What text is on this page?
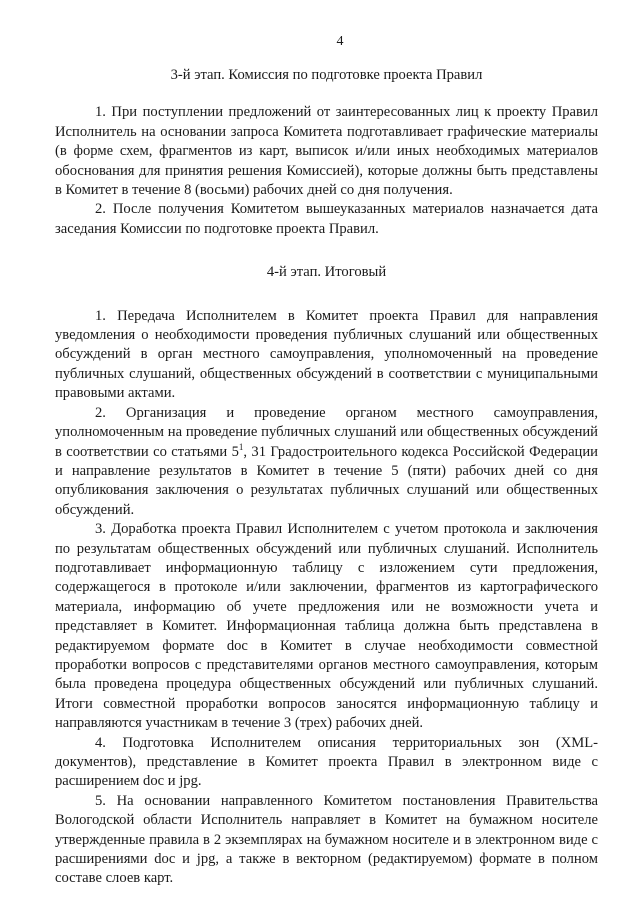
4
3-й этап. Комиссия по подготовке проекта Правил

1. При поступлении предложений от заинтересованных лиц к проекту Правил Исполнитель на основании запроса Комитета подготавливает графические материалы (в форме схем, фрагментов из карт, выписок и/или иных необходимых материалов обоснования для принятия решения Комиссией), которые должны быть представлены в Комитет в течение 8 (восьми) рабочих дней со дня получения.

2. После получения Комитетом вышеуказанных материалов назначается дата заседания Комиссии по подготовке проекта Правил.

4-й этап. Итоговый

1. Передача Исполнителем в Комитет проекта Правил для направления уведомления о необходимости проведения публичных слушаний или общественных обсуждений в орган местного самоуправления, уполномоченный на проведение публичных слушаний, общественных обсуждений в соответствии с муниципальными правовыми актами.

2. Организация и проведение органом местного самоуправления, уполномоченным на проведение публичных слушаний или общественных обсуждений в соответствии со статьями $5^1$, 31 Градостроительного кодекса Российской Федерации и направление результатов в Комитет в течение 5 (пяти) рабочих дней со дня опубликования заключения о результатах публичных слушаний или общественных обсуждений.

3. Доработка проекта Правил Исполнителем с учетом протокола и заключения по результатам общественных обсуждений или публичных слушаний. Исполнитель подготавливает информационную таблицу с изложением сути предложения, содержащегося в протоколе и/или заключении, фрагментов из картографического материала, информацию об учете предложения или не возможности учета и представляет в Комитет. Информационная таблица должна быть представлена в редактируемом формате doc в Комитет в случае необходимости совместной проработки вопросов с представителями органов местного самоуправления, которым была проведена процедура общественных обсуждений или публичных слушаний. Итоги совместной проработки вопросов заносятся информационную таблицу и направляются участникам в течение 3 (трех) рабочих дней.

4. Подготовка Исполнителем описания территориальных зон (XML-документов), представление в Комитет проекта Правил в электронном виде с расширением doc и jpg.

5. На основании направленного Комитетом постановления Правительства Вологодской области Исполнитель направляет в Комитет на бумажном носителе утвержденные правила в 2 экземплярах на бумажном носителе и в электронном виде с расширениями doc и jpg, а также в векторном (редактируемом) формате в полном составе слоев карт.
